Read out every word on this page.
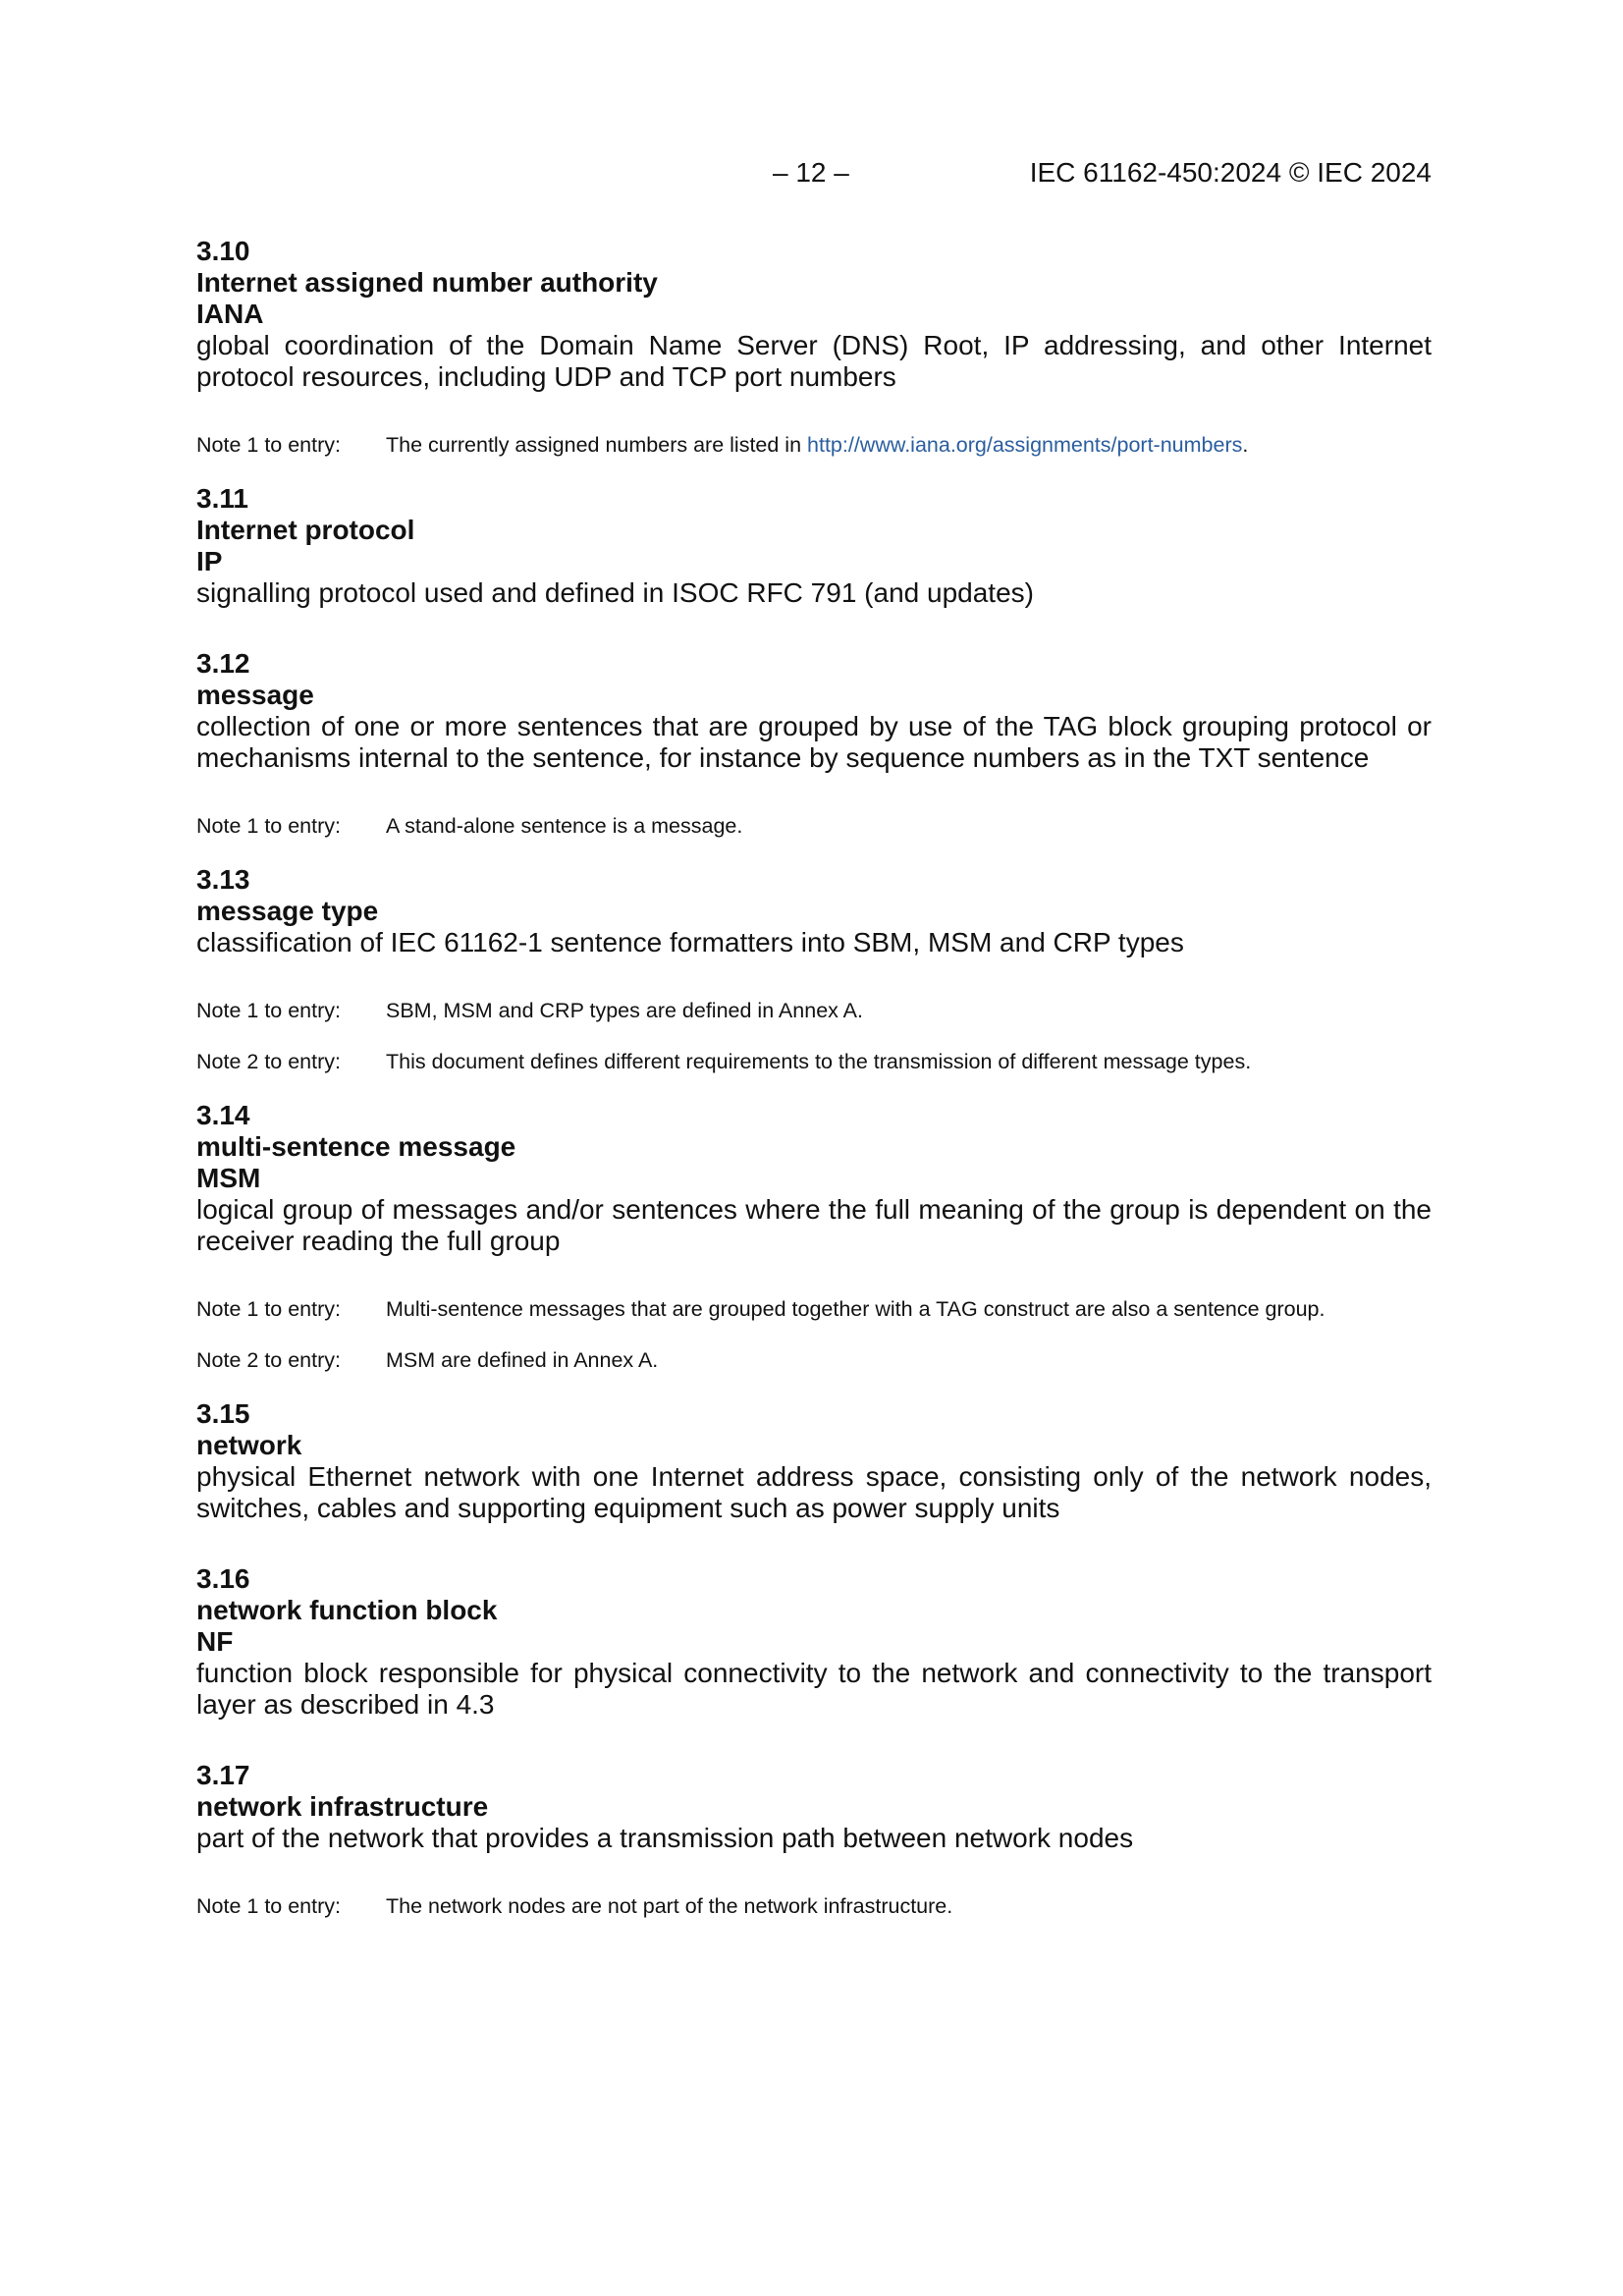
– 12 –	IEC 61162-450:2024 © IEC 2024
3.10
Internet assigned number authority
IANA
global coordination of the Domain Name Server (DNS) Root, IP addressing, and other Internet protocol resources, including UDP and TCP port numbers
Note 1 to entry: The currently assigned numbers are listed in http://www.iana.org/assignments/port-numbers.
3.11
Internet protocol
IP
signalling protocol used and defined in ISOC RFC 791 (and updates)
3.12
message
collection of one or more sentences that are grouped by use of the TAG block grouping protocol or mechanisms internal to the sentence, for instance by sequence numbers as in the TXT sentence
Note 1 to entry: A stand-alone sentence is a message.
3.13
message type
classification of IEC 61162-1 sentence formatters into SBM, MSM and CRP types
Note 1 to entry: SBM, MSM and CRP types are defined in Annex A.
Note 2 to entry: This document defines different requirements to the transmission of different message types.
3.14
multi-sentence message
MSM
logical group of messages and/or sentences where the full meaning of the group is dependent on the receiver reading the full group
Note 1 to entry: Multi-sentence messages that are grouped together with a TAG construct are also a sentence group.
Note 2 to entry: MSM are defined in Annex A.
3.15
network
physical Ethernet network with one Internet address space, consisting only of the network nodes, switches, cables and supporting equipment such as power supply units
3.16
network function block
NF
function block responsible for physical connectivity to the network and connectivity to the transport layer as described in 4.3
3.17
network infrastructure
part of the network that provides a transmission path between network nodes
Note 1 to entry: The network nodes are not part of the network infrastructure.
